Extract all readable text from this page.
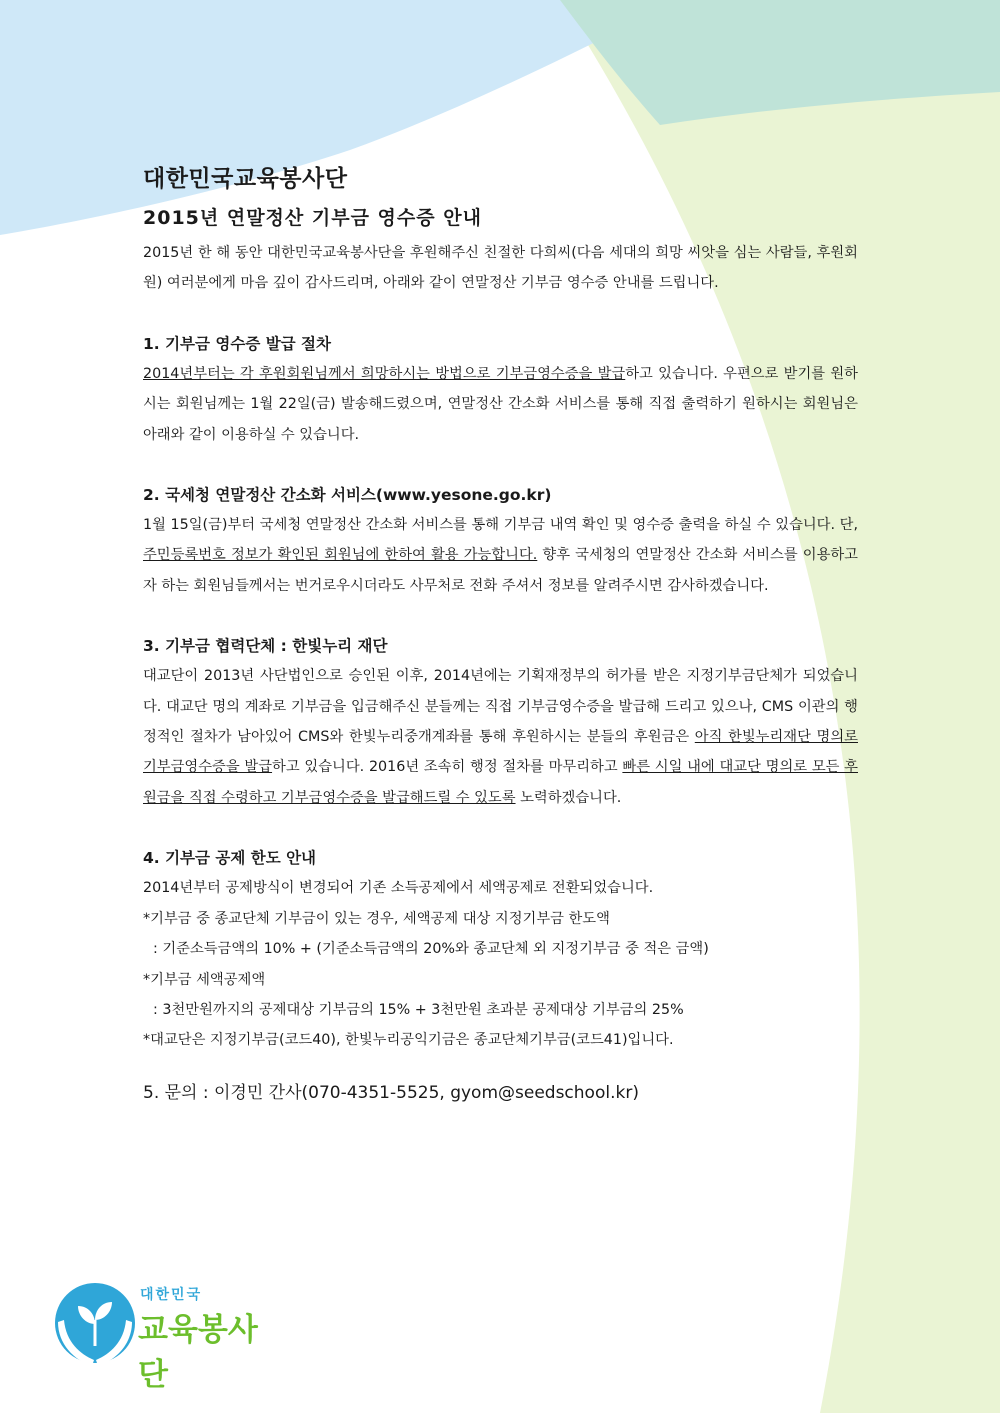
대한민국교육봉사단
2015년 연말정산 기부금 영수증 안내

2015년 한 해 동안 대한민국교육봉사단을 후원해주신 친절한 다희씨(다음 세대의 희망 씨앗을 심는 사람들, 후원회원) 여러분에게 마음 깊이 감사드리며, 아래와 같이 연말정산 기부금 영수증 안내를 드립니다.

1. 기부금 영수증 발급 절차

2014년부터는 각 후원회원님께서 희망하시는 방법으로 기부금영수증을 발급하고 있습니다. 우편으로 받기를 원하시는 회원님께는 1월 22일(금) 발송해드렸으며, 연말정산 간소화 서비스를 통해 직접 출력하기 원하시는 회원님은 아래와 같이 이용하실 수 있습니다.

2. 국세청 연말정산 간소화 서비스(www.yesone.go.kr)

1월 15일(금)부터 국세청 연말정산 간소화 서비스를 통해 기부금 내역 확인 및 영수증 출력을 하실 수 있습니다. 단, 주민등록번호 정보가 확인된 회원님에 한하여 활용 가능합니다. 향후 국세청의 연말정산 간소화 서비스를 이용하고자 하는 회원님들께서는 번거로우시더라도 사무처로 전화 주셔서 정보를 알려주시면 감사하겠습니다.

3. 기부금 협력단체 : 한빛누리 재단

대교단이 2013년 사단법인으로 승인된 이후, 2014년에는 기획재정부의 허가를 받은 지정기부금단체가 되었습니다. 대교단 명의 계좌로 기부금을 입금해주신 분들께는 직접 기부금영수증을 발급해 드리고 있으나, CMS 이관의 행정적인 절차가 남아있어 CMS와 한빛누리중개계좌를 통해 후원하시는 분들의 후원금은 아직 한빛누리재단 명의로 기부금영수증을 발급하고 있습니다. 2016년 조속히 행정 절차를 마무리하고 빠른 시일 내에 대교단 명의로 모든 후원금을 직접 수령하고 기부금영수증을 발급해드릴 수 있도록 노력하겠습니다.

4. 기부금 공제 한도 안내

2014년부터 공제방식이 변경되어 기존 소득공제에서 세액공제로 전환되었습니다.

*기부금 중 종교단체 기부금이 있는 경우, 세액공제 대상 지정기부금 한도액

: 기준소득금액의 10% + (기준소득금액의 20%와 종교단체 외 지정기부금 중 적은 금액)

*기부금 세액공제액

: 3천만원까지의 공제대상 기부금의 15% + 3천만원 초과분 공제대상 기부금의 25%

*대교단은 지정기부금(코드40), 한빛누리공익기금은 종교단체기부금(코드41)입니다.

5. 문의 : 이경민 간사(070-4351-5525, gyom@seedschool.kr)

대한민국
교육봉사단
